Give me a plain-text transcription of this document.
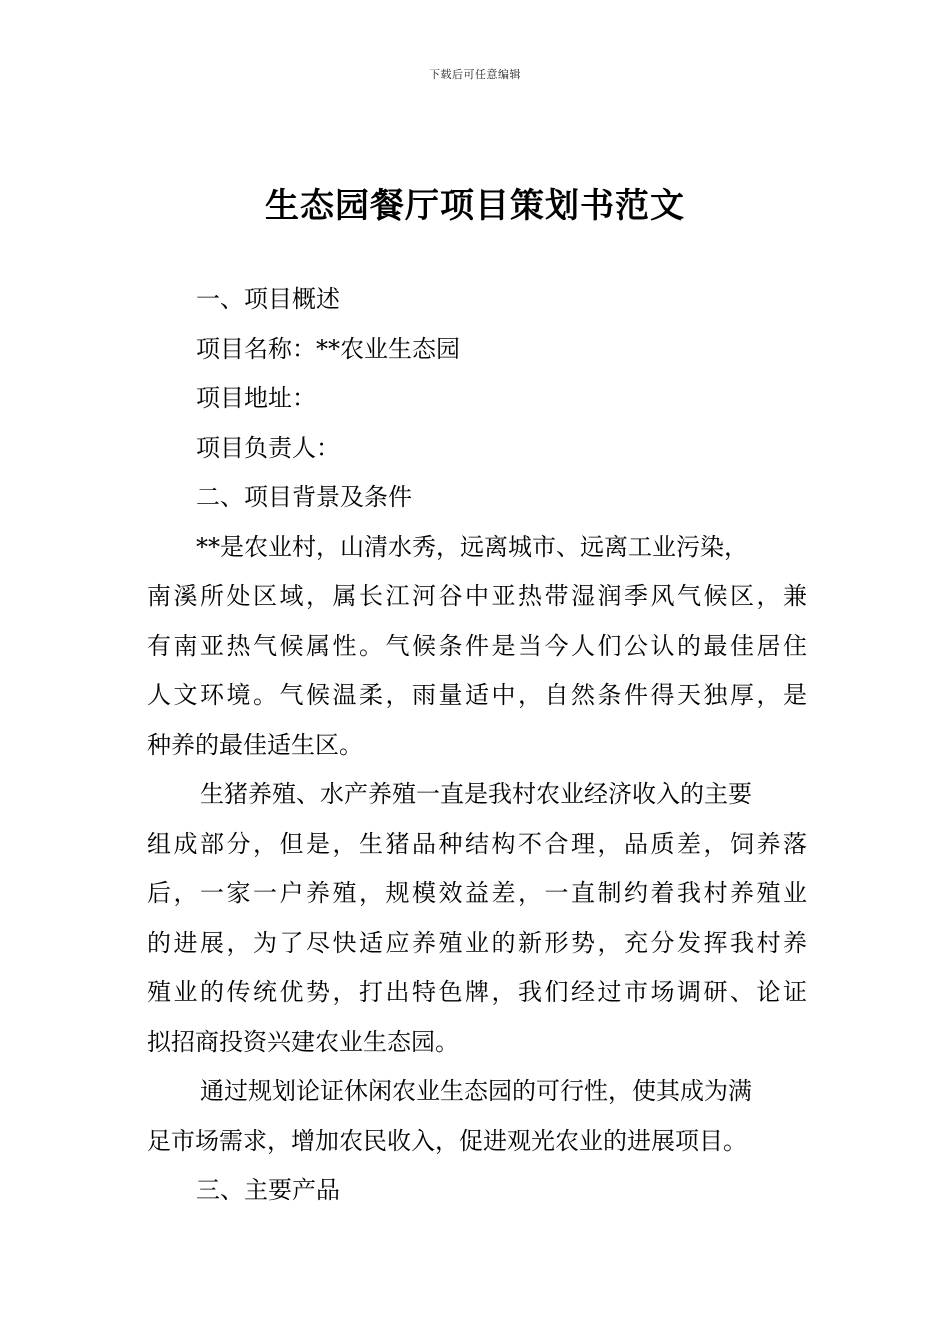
下载后可任意编辑
生态园餐厅项目策划书范文

一、项目概述

项目名称：**农业生态园

项目地址：

项目负责人：

二、项目背景及条件

**是农业村，山清水秀，远离城市、远离工业污染，

南溪所处区域，属长江河谷中亚热带湿润季风气候区，兼

有南亚热气候属性。气候条件是当今人们公认的最佳居住

人文环境。气候温柔，雨量适中，自然条件得天独厚，是

种养的最佳适生区。

生猪养殖、水产养殖一直是我村农业经济收入的主要

组成部分，但是，生猪品种结构不合理，品质差，饲养落

后，一家一户养殖，规模效益差，一直制约着我村养殖业

的进展，为了尽快适应养殖业的新形势，充分发挥我村养

殖业的传统优势，打出特色牌，我们经过市场调研、论证

拟招商投资兴建农业生态园。

通过规划论证休闲农业生态园的可行性，使其成为满

足市场需求，增加农民收入，促进观光农业的进展项目。

三、主要产品
